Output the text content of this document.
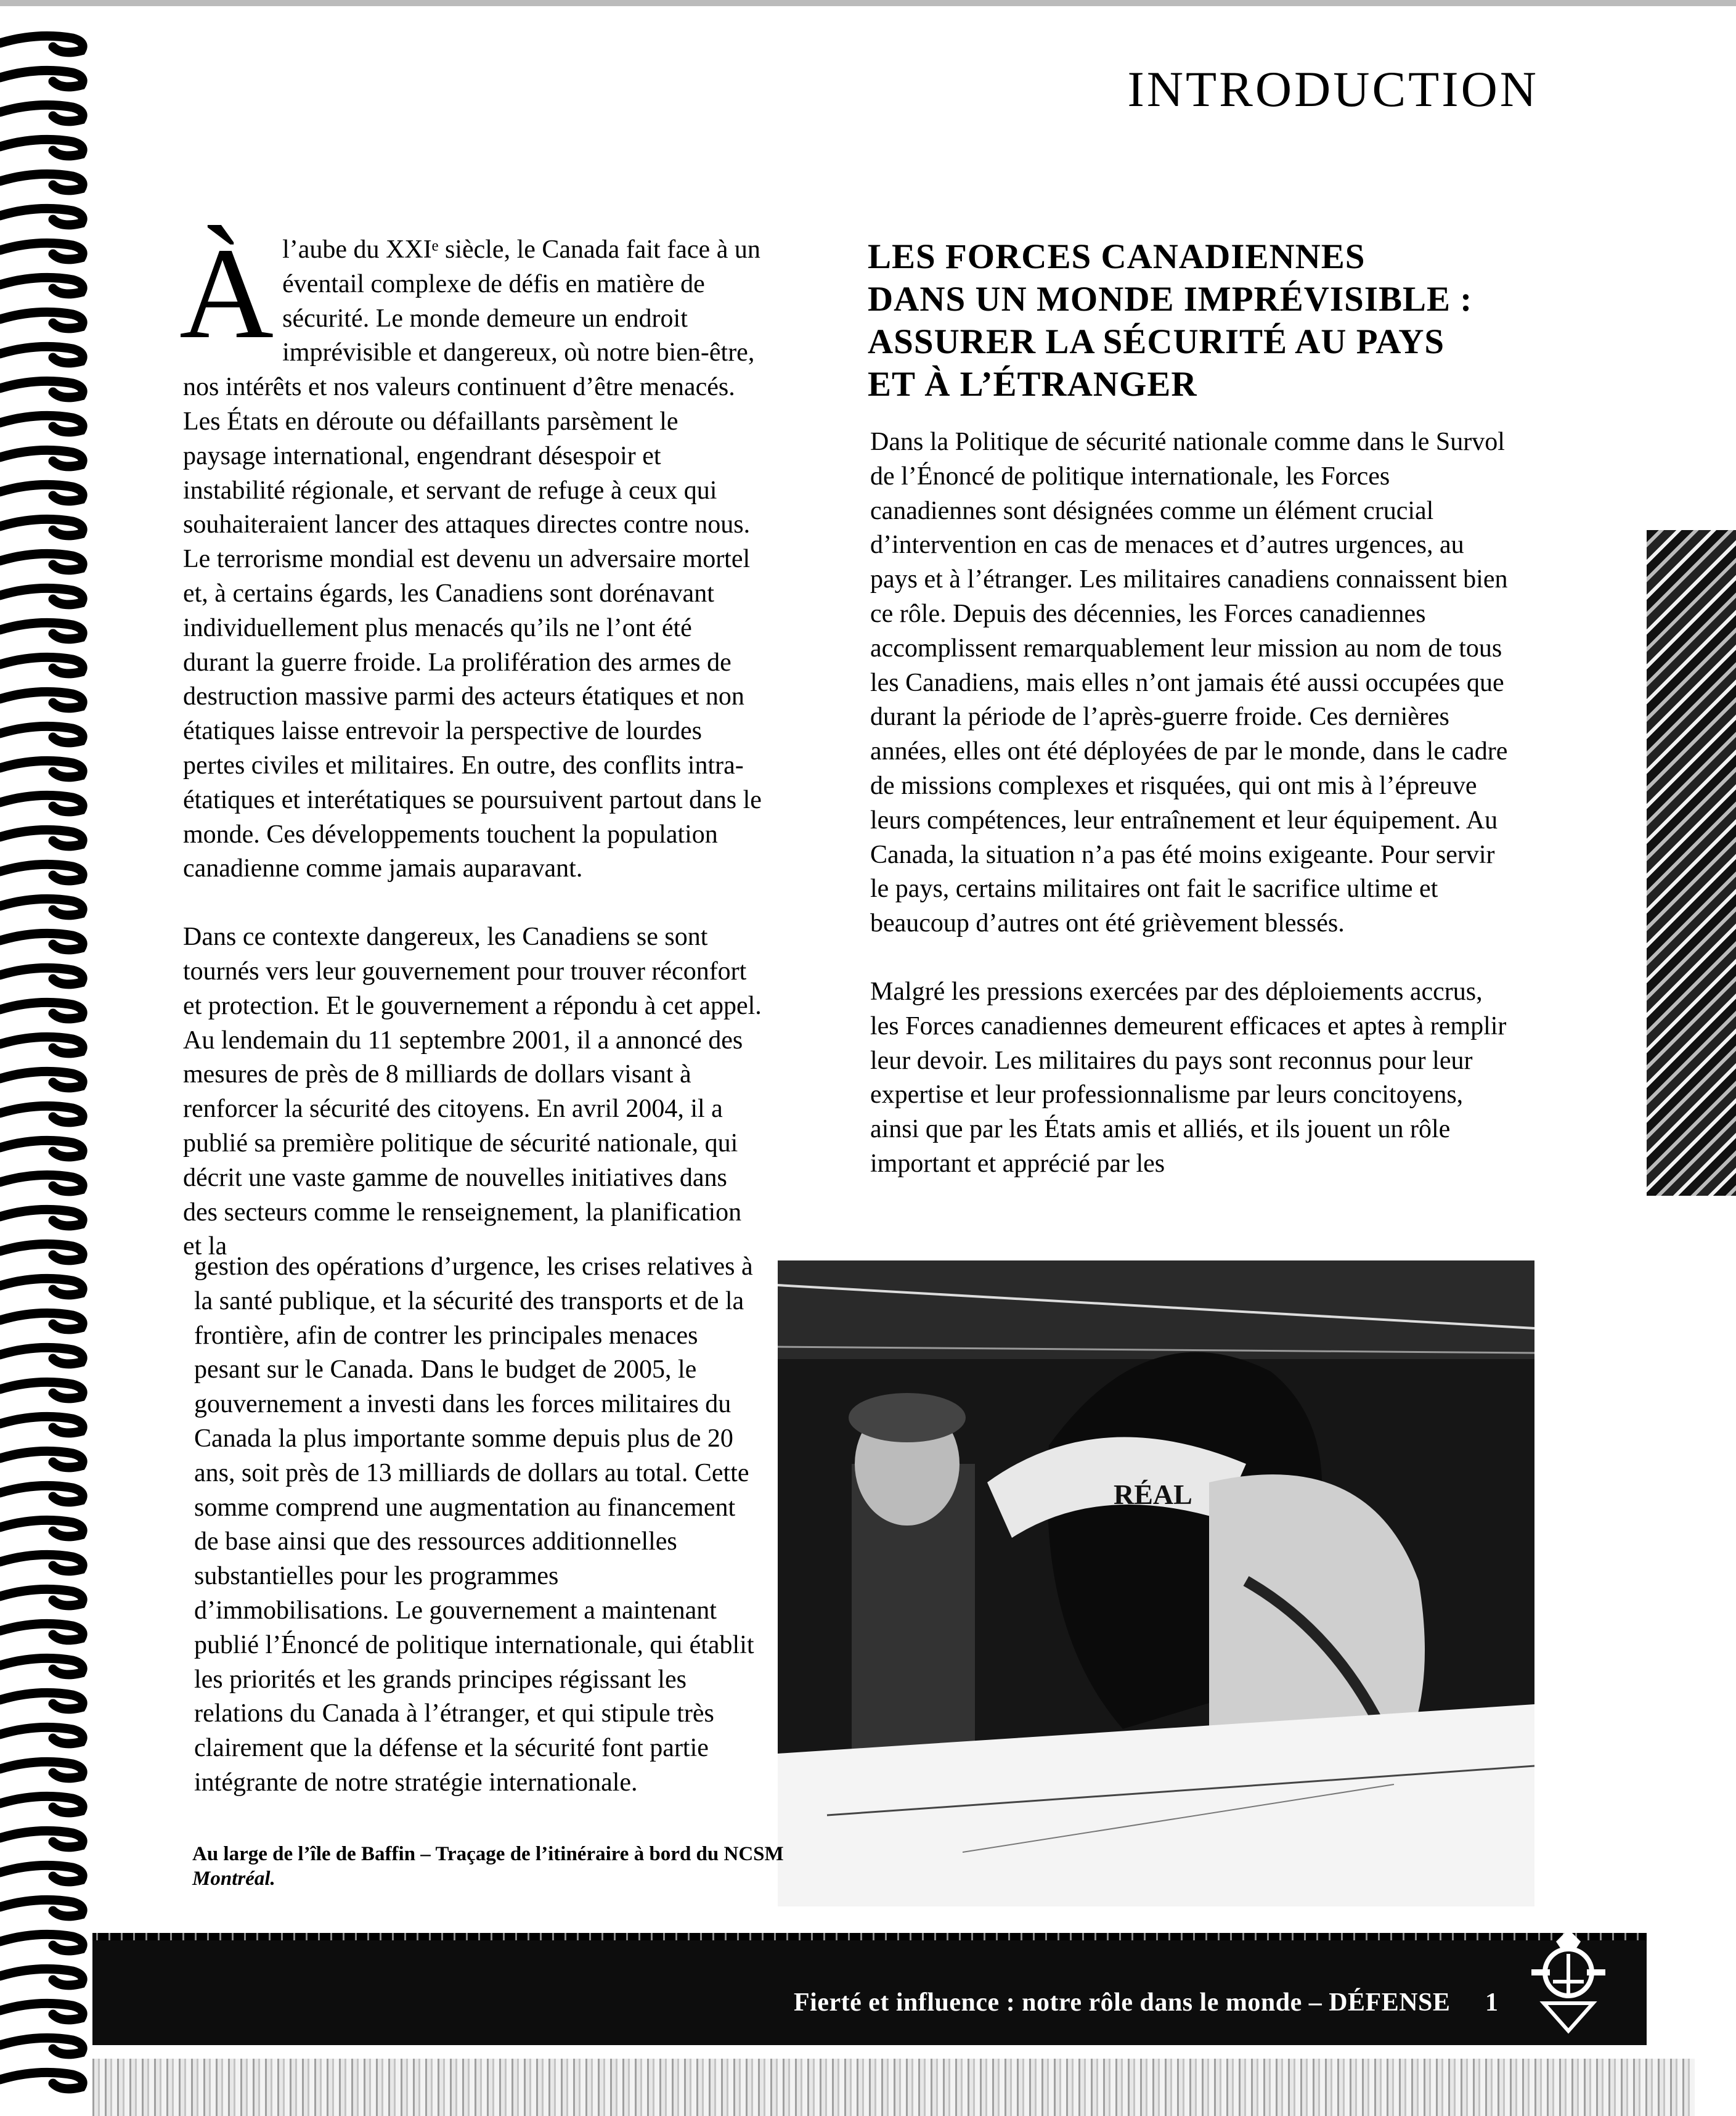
INTRODUCTION

Àl’aube du XXIᵉ siècle, le Canada fait face à un éventail complexe de défis en matière de sécurité. Le monde demeure un endroit imprévisible et dangereux, où notre bien-être, nos intérêts et nos valeurs continuent d’être menacés. Les États en déroute ou défaillants parsèment le paysage international, engendrant désespoir et instabilité régionale, et servant de refuge à ceux qui souhaiteraient lancer des attaques directes contre nous. Le terrorisme mondial est devenu un adversaire mortel et, à certains égards, les Canadiens sont dorénavant individuellement plus menacés qu’ils ne l’ont été durant la guerre froide. La prolifération des armes de destruction massive parmi des acteurs étatiques et non étatiques laisse entrevoir la perspective de lourdes pertes civiles et militaires. En outre, des conflits intra-étatiques et interétatiques se poursuivent partout dans le monde. Ces développements touchent la population canadienne comme jamais auparavant.

Dans ce contexte dangereux, les Canadiens se sont tournés vers leur gouvernement pour trouver réconfort et protection. Et le gouvernement a répondu à cet appel. Au lendemain du 11 septembre 2001, il a annoncé des mesures de près de 8 milliards de dollars visant à renforcer la sécurité des citoyens. En avril 2004, il a publié sa première politique de sécurité nationale, qui décrit une vaste gamme de nouvelles initiatives dans des secteurs comme le renseignement, la planification et la

gestion des opérations d’urgence, les crises relatives à la santé publique, et la sécurité des transports et de la frontière, afin de contrer les principales menaces pesant sur le Canada. Dans le budget de 2005, le gouvernement a investi dans les forces militaires du Canada la plus importante somme depuis plus de 20 ans, soit près de 13 milliards de dollars au total. Cette somme comprend une augmentation au financement de base ainsi que des ressources additionnelles substantielles pour les programmes d’immobilisations. Le gouvernement a maintenant publié l’Énoncé de politique internationale, qui établit les priorités et les grands principes régissant les relations du Canada à l’étranger, et qui stipule très clairement que la défense et la sécurité font partie intégrante de notre stratégie internationale.

LES FORCES CANADIENNES
DANS UN MONDE IMPRÉVISIBLE :
ASSURER LA SÉCURITÉ AU PAYS
ET À L’ÉTRANGER

Dans la Politique de sécurité nationale comme dans le Survol de l’Énoncé de politique internationale, les Forces canadiennes sont désignées comme un élément crucial d’intervention en cas de menaces et d’autres urgences, au pays et à l’étranger. Les militaires canadiens connaissent bien ce rôle. Depuis des décennies, les Forces canadiennes accomplissent remarquablement leur mission au nom de tous les Canadiens, mais elles n’ont jamais été aussi occupées que durant la période de l’après-guerre froide. Ces dernières années, elles ont été déployées de par le monde, dans le cadre de missions complexes et risquées, qui ont mis à l’épreuve leurs compétences, leur entraînement et leur équipement. Au Canada, la situation n’a pas été moins exigeante. Pour servir le pays, certains militaires ont fait le sacrifice ultime et beaucoup d’autres ont été grièvement blessés.

Malgré les pressions exercées par des déploiements accrus, les Forces canadiennes demeurent efficaces et aptes à remplir leur devoir. Les militaires du pays sont reconnus pour leur expertise et leur professionnalisme par leurs concitoyens, ainsi que par les États amis et alliés, et ils jouent un rôle important et apprécié par les

RÉAL
Au large de l’île de Baffin – Traçage de l’itinéraire à bord du NCSM Montréal.
Fierté et influence : notre rôle dans le monde – DÉFENSE 1
